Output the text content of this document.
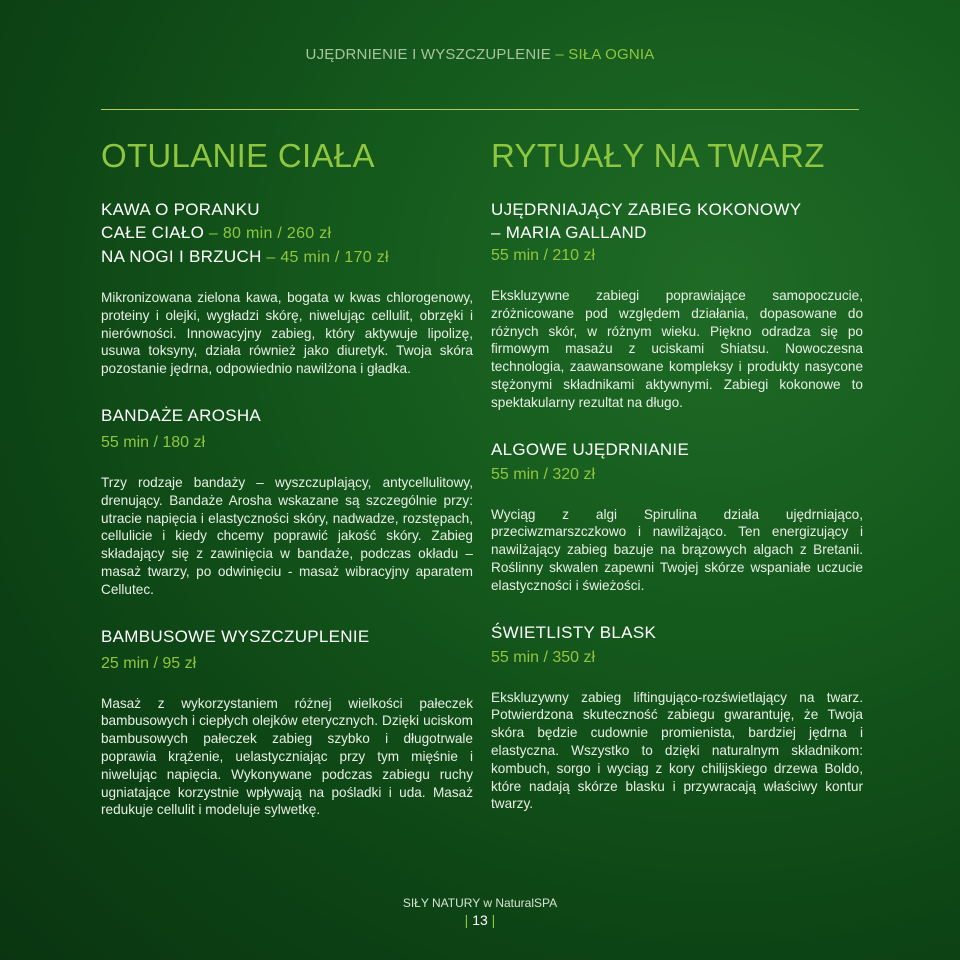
UJĘDRNIENIE I WYSZCZUPLENIE – SIŁA OGNIA
OTULANIE CIAŁA
KAWA O PORANKU
CAŁE CIAŁO – 80 min / 260 zł
NA NOGI I BRZUCH – 45 min / 170 zł
Mikronizowana zielona kawa, bogata w kwas chlorogenowy, proteiny i olejki, wygładzi skórę, niwelując cellulit, obrzęki i nierówności. Innowacyjny zabieg, który aktywuje lipolizę, usuwa toksyny, działa również jako diuretyk. Twoja skóra pozostanie jędrna, odpowiednio nawilżona i gładka.
BANDAŻE AROSHA
55 min / 180 zł
Trzy rodzaje bandaży – wyszczuplający, antycellulitowy, drenujący. Bandaże Arosha wskazane są szczególnie przy: utracie napięcia i elastyczności skóry, nadwadze, rozstępach, cellulicie i kiedy chcemy poprawić jakość skóry. Zabieg składający się z zawinięcia w bandaże, podczas okładu – masaż twarzy, po odwinięciu - masaż wibracyjny aparatem Cellutec.
BAMBUSOWE WYSZCZUPLENIE
25 min / 95 zł
Masaż z wykorzystaniem różnej wielkości pałeczek bambusowych i ciepłych olejków eterycznych. Dzięki uciskom bambusowych pałeczek zabieg szybko i długotrwale poprawia krążenie, uelastyczniając przy tym mięśnie i niwelując napięcia. Wykonywane podczas zabiegu ruchy ugniatające korzystnie wpływają na pośladki i uda. Masaż redukuje cellulit i modeluje sylwetkę.
RYTUAŁY NA TWARZ
UJĘDRNIAJĄCY ZABIEG KOKONOWY
– MARIA GALLAND
55 min / 210 zł
Ekskluzywne zabiegi poprawiające samopoczucie, zróżnicowane pod względem działania, dopasowane do różnych skór, w różnym wieku. Piękno odradza się po firmowym masażu z uciskami Shiatsu. Nowoczesna technologia, zaawansowane kompleksy i produkty nasycone stężonymi składnikami aktywnymi. Zabiegi kokonowe to spektakularny rezultat na długo.
ALGOWE UJĘDRNIANIE
55 min / 320 zł
Wyciąg z algi Spirulina działa ujędrniająco, przeciwzmarszczkowo i nawilżająco. Ten energizujący i nawilżający zabieg bazuje na brązowych algach z Bretanii. Roślinny skwalen zapewni Twojej skórze wspaniałe uczucie elastyczności i świeżości.
ŚWIETLISTY BLASK
55 min / 350 zł
Ekskluzywny zabieg liftingująco-rozświetlający na twarz. Potwierdzona skuteczność zabiegu gwarantuję, że Twoja skóra będzie cudownie promienista, bardziej jędrna i elastyczna. Wszystko to dzięki naturalnym składnikom: kombuch, sorgo i wyciąg z kory chilijskiego drzewa Boldo, które nadają skórze blasku i przywracają właściwy kontur twarzy.
SIŁY NATURY w NaturalSPA
| 13 |
